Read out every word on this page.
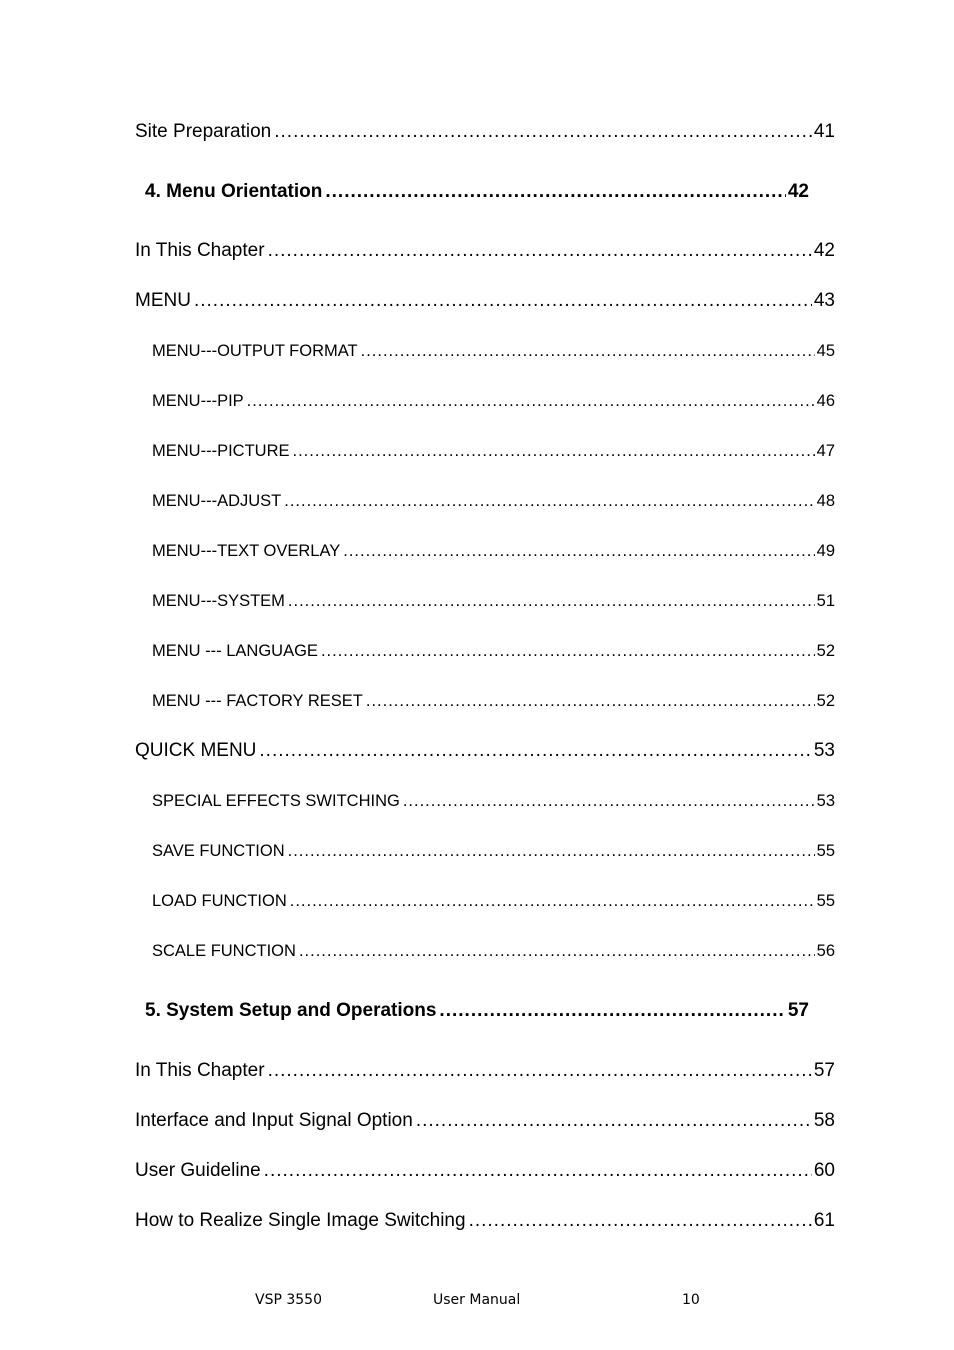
Site Preparation .....	41
4. Menu Orientation .....	42
In This Chapter .....	42
MENU .....	43
MENU---OUTPUT FORMAT .....	45
MENU---PIP .....	46
MENU---PICTURE .....	47
MENU---ADJUST .....	48
MENU---TEXT OVERLAY .....	49
MENU---SYSTEM .....	51
MENU --- LANGUAGE .....	52
MENU --- FACTORY RESET .....	52
QUICK MENU .....	53
SPECIAL EFFECTS SWITCHING .....	53
SAVE FUNCTION .....	55
LOAD FUNCTION .....	55
SCALE FUNCTION .....	56
5. System Setup and Operations .....	57
In This Chapter .....	57
Interface and Input Signal Option .....	58
User Guideline .....	60
How to Realize Single Image Switching .....	61
VSP 3550	User Manual	10
